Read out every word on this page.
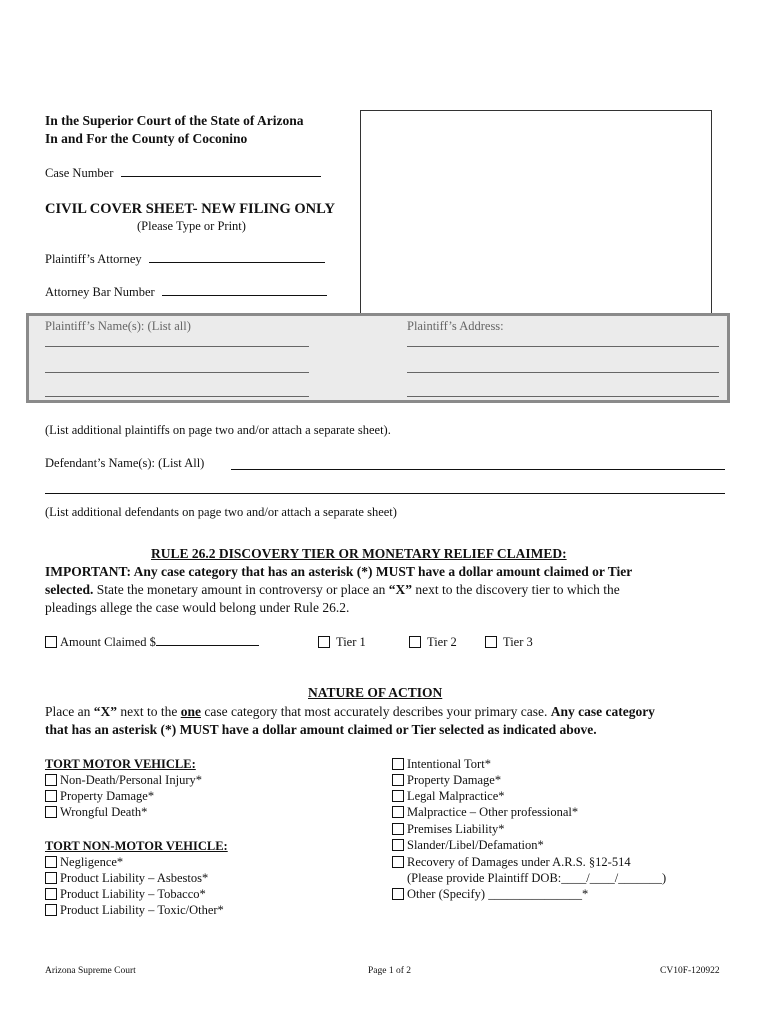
In the Superior Court of the State of Arizona
In and For the County of Coconino
Case Number
CIVIL COVER SHEET- NEW FILING ONLY
(Please Type or Print)
Plaintiff’s Attorney
Attorney Bar Number
Plaintiff’s Name(s): (List all)	Plaintiff’s Address:
(List additional plaintiffs on page two and/or attach a separate sheet).
Defendant’s Name(s): (List All)
(List additional defendants on page two and/or attach a separate sheet)
RULE 26.2 DISCOVERY TIER OR MONETARY RELIEF CLAIMED:
IMPORTANT: Any case category that has an asterisk (*) MUST have a dollar amount claimed or Tier
selected. State the monetary amount in controversy or place an “X” next to the discovery tier to which the
pleadings allege the case would belong under Rule 26.2.
Amount Claimed $	Tier 1	Tier 2	Tier 3
NATURE OF ACTION
Place an “X” next to the one case category that most accurately describes your primary case. Any case category
that has an asterisk (*) MUST have a dollar amount claimed or Tier selected as indicated above.
TORT MOTOR VEHICLE:
Non-Death/Personal Injury*
Property Damage*
Wrongful Death*
TORT NON-MOTOR VEHICLE:
Negligence*
Product Liability – Asbestos*
Product Liability – Tobacco*
Product Liability – Toxic/Other*
Intentional Tort*
Property Damage*
Legal Malpractice*
Malpractice – Other professional*
Premises Liability*
Slander/Libel/Defamation*
Recovery of Damages under A.R.S. §12-514
(Please provide Plaintiff DOB:____/____/_______)
Other (Specify) _______________*
Arizona Supreme Court	Page 1 of 2	CV10F-120922
